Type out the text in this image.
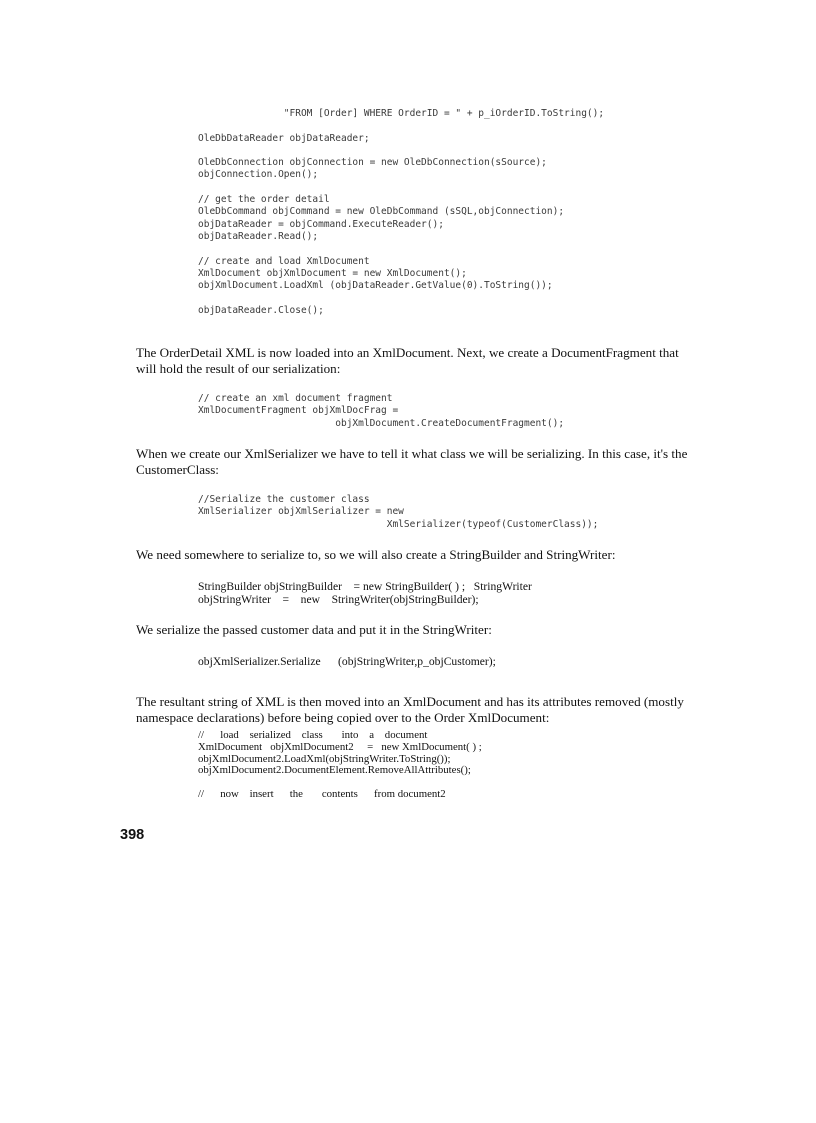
"FROM [Order] WHERE OrderID = " + p_iOrderID.ToString();

OleDbDataReader objDataReader;

OleDbConnection objConnection = new OleDbConnection(sSource);
objConnection.Open();

// get the order detail
OleDbCommand objCommand = new OleDbCommand (sSQL,objConnection);
objDataReader = objCommand.ExecuteReader();
objDataReader.Read();

// create and load XmlDocument
XmlDocument objXmlDocument = new XmlDocument();
objXmlDocument.LoadXml (objDataReader.GetValue(0).ToString());

objDataReader.Close();

The OrderDetail XML is now loaded into an XmlDocument. Next, we create a DocumentFragment that will hold the result of our serialization:

// create an xml document fragment
XmlDocumentFragment objXmlDocFrag =
objXmlDocument.CreateDocumentFragment();

When we create our XmlSerializer we have to tell it what class we will be serializing. In this case, it's the CustomerClass:

//Serialize the customer class
XmlSerializer objXmlSerializer = new
XmlSerializer(typeof(CustomerClass));

We need somewhere to serialize to, so we will also create a StringBuilder and StringWriter:

StringBuilder objStringBuilder    = new StringBuilder( ) ;   StringWriter
objStringWriter    =    new    StringWriter(objStringBuilder);

We serialize the passed customer data and put it in the StringWriter:

objXmlSerializer.Serialize      (objStringWriter,p_objCustomer);

The resultant string of XML is then moved into an XmlDocument and has its attributes removed (mostly namespace declarations) before being copied over to the Order XmlDocument:

//      load    serialized    class       into    a    document
XmlDocument   objXmlDocument2     =   new XmlDocument( ) ;
objXmlDocument2.LoadXml(objStringWriter.ToString());
objXmlDocument2.DocumentElement.RemoveAllAttributes();

//      now    insert      the       contents      from document2
398
